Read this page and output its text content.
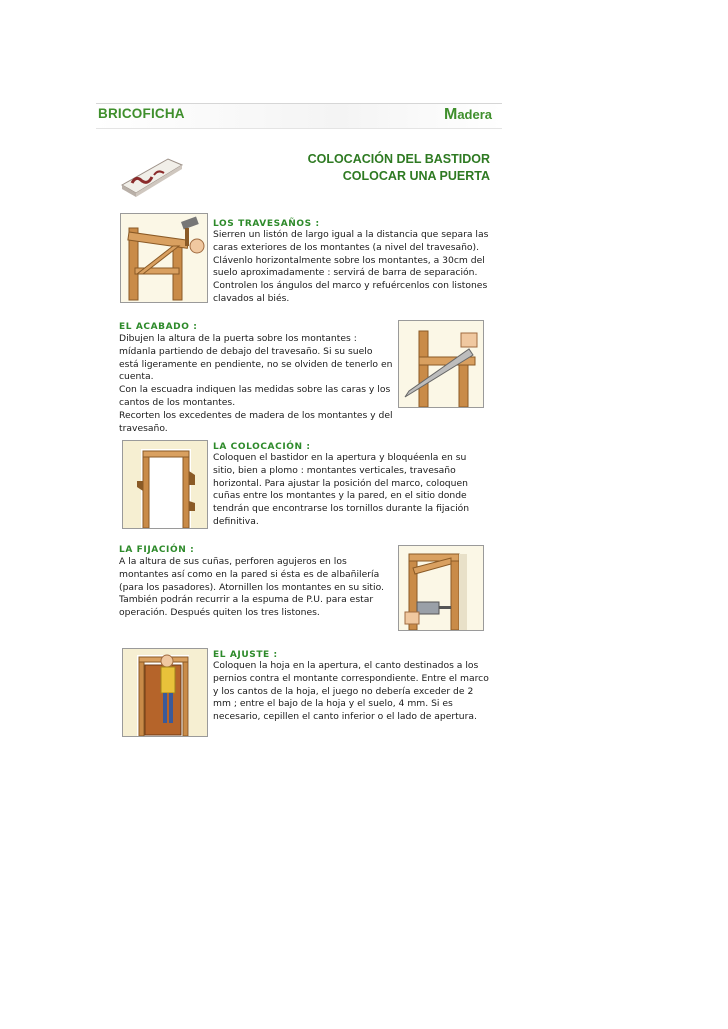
BRICOFICHA	Madera
COLOCACIÓN DEL BASTIDOR
COLOCAR UNA PUERTA
LOS TRAVESAÑOS :
Sierren un listón de largo igual a la distancia que separa las
caras exteriores de los montantes (a nivel del travesaño).
Clávenlo horizontalmente sobre los montantes, a 30cm del
suelo aproximadamente : servirá de barra de separación.
Controlen los ángulos del marco y refuércenlos con listones
clavados al biés.
EL ACABADO :
Dibujen la altura de la puerta sobre los montantes :
mídanla partiendo de debajo del travesaño. Si su suelo
está ligeramente en pendiente, no se olviden de tenerlo en
cuenta.
Con la escuadra indiquen las medidas sobre las caras y los
cantos de los montantes.
Recorten los excedentes de madera de los montantes y del
travesaño.
LA COLOCACIÓN :
Coloquen el bastidor en la apertura y bloquéenla en su
sitio, bien a plomo : montantes verticales, travesaño
horizontal. Para ajustar la posición del marco, coloquen
cuñas entre los montantes y la pared, en el sitio donde
tendrán que encontrarse los tornillos durante la fijación
definitiva.
LA FIJACIÓN :
A la altura de sus cuñas, perforen agujeros en los
montantes así como en la pared si ésta es de albañilería
(para los pasadores). Atornillen los montantes en su sitio.
También podrán recurrir a la espuma de P.U. para estar
operación. Después quiten los tres listones.
EL AJUSTE :
Coloquen la hoja en la apertura, el canto destinados a los
pernios contra el montante correspondiente. Entre el marco
y los cantos de la hoja, el juego no debería exceder de 2
mm ; entre el bajo de la hoja y el suelo, 4 mm. Si es
necesario, cepillen el canto inferior o el lado de apertura.
